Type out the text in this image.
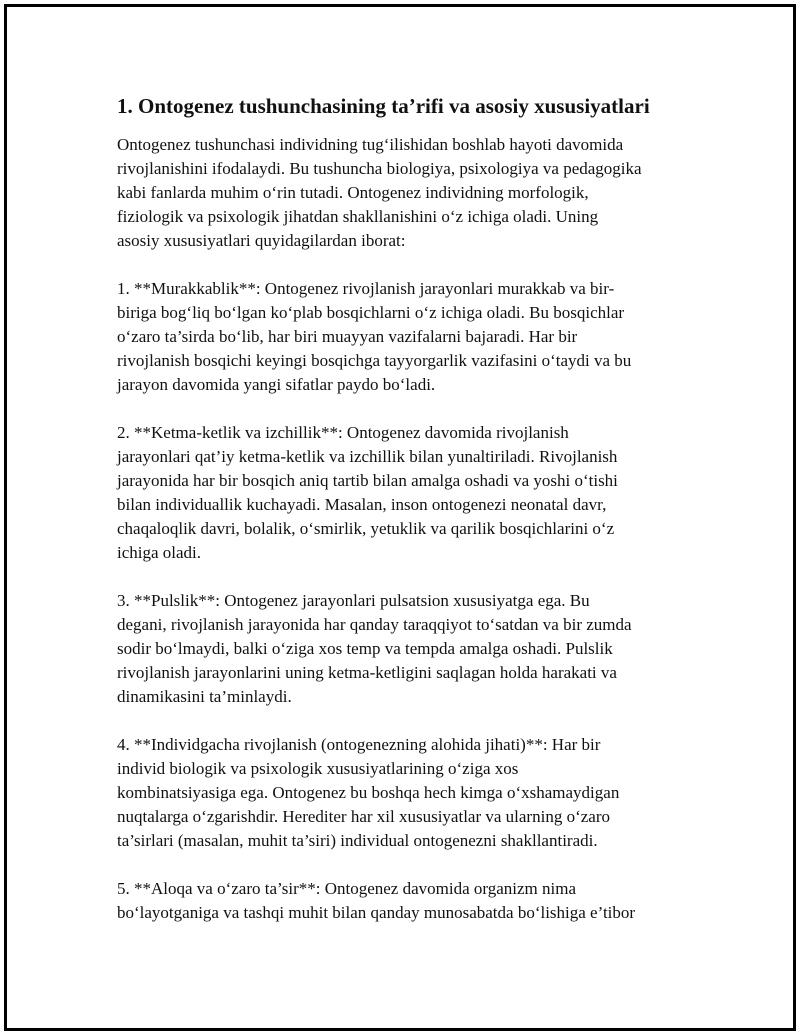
1. Ontogenez tushunchasining ta’rifi va asosiy xususiyatlari

Ontogenez tushunchasi individning tug‘ilishidan boshlab hayoti davomida
rivojlanishini ifodalaydi. Bu tushuncha biologiya, psixologiya va pedagogika
kabi fanlarda muhim o‘rin tutadi. Ontogenez individning morfologik,
fiziologik va psixologik jihatdan shakllanishini o‘z ichiga oladi. Uning
asosiy xususiyatlari quyidagilardan iborat:

1. **Murakkablik**: Ontogenez rivojlanish jarayonlari murakkab va bir-
biriga bog‘liq bo‘lgan ko‘plab bosqichlarni o‘z ichiga oladi. Bu bosqichlar
o‘zaro ta’sirda bo‘lib, har biri muayyan vazifalarni bajaradi. Har bir
rivojlanish bosqichi keyingi bosqichga tayyorgarlik vazifasini o‘taydi va bu
jarayon davomida yangi sifatlar paydo bo‘ladi.

2. **Ketma-ketlik va izchillik**: Ontogenez davomida rivojlanish
jarayonlari qat’iy ketma-ketlik va izchillik bilan yunaltiriladi. Rivojlanish
jarayonida har bir bosqich aniq tartib bilan amalga oshadi va yoshi o‘tishi
bilan individuallik kuchayadi. Masalan, inson ontogenezi neonatal davr,
chaqaloqlik davri, bolalik, o‘smirlik, yetuklik va qarilik bosqichlarini o‘z
ichiga oladi.

3. **Pulslik**: Ontogenez jarayonlari pulsatsion xususiyatga ega. Bu
degani, rivojlanish jarayonida har qanday taraqqiyot to‘satdan va bir zumda
sodir bo‘lmaydi, balki o‘ziga xos temp va tempda amalga oshadi. Pulslik
rivojlanish jarayonlarini uning ketma-ketligini saqlagan holda harakati va
dinamikasini ta’minlaydi.

4. **Individgacha rivojlanish (ontogenezning alohida jihati)**: Har bir
individ biologik va psixologik xususiyatlarining o‘ziga xos
kombinatsiyasiga ega. Ontogenez bu boshqa hech kimga o‘xshamaydigan
nuqtalarga o‘zgarishdir. Herediter har xil xususiyatlar va ularning o‘zaro
ta’sirlari (masalan, muhit ta’siri) individual ontogenezni shakllantiradi.

5. **Aloqa va o‘zaro ta’sir**: Ontogenez davomida organizm nima
bo‘layotganiga va tashqi muhit bilan qanday munosabatda bo‘lishiga e’tibor
